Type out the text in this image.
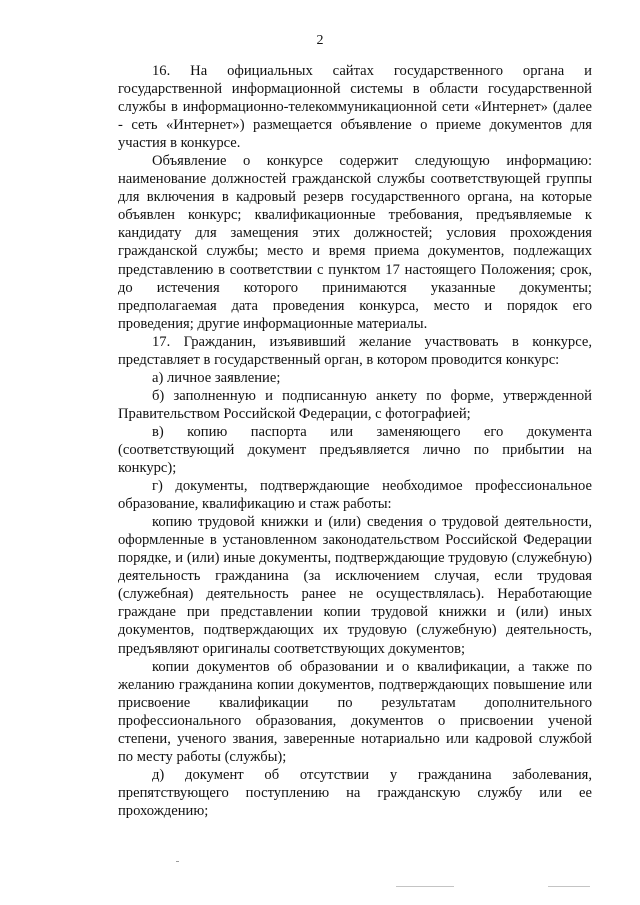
2

16. На официальных сайтах государственного органа и государственной информационной системы в области государственной службы в информационно-телекоммуникационной сети «Интернет» (далее - сеть «Интернет») размещается объявление о приеме документов для участия в конкурсе.

Объявление о конкурсе содержит следующую информацию: наименование должностей гражданской службы соответствующей группы для включения в кадровый резерв государственного органа, на которые объявлен конкурс; квалификационные требования, предъявляемые к кандидату для замещения этих должностей; условия прохождения гражданской службы; место и время приема документов, подлежащих представлению в соответствии с пунктом 17 настоящего Положения; срок, до истечения которого принимаются указанные документы; предполагаемая дата проведения конкурса, место и порядок его проведения; другие информационные материалы.

17. Гражданин, изъявивший желание участвовать в конкурсе, представляет в государственный орган, в котором проводится конкурс:

а) личное заявление;

б) заполненную и подписанную анкету по форме, утвержденной Правительством Российской Федерации, с фотографией;

в) копию паспорта или заменяющего его документа (соответствующий документ предъявляется лично по прибытии на конкурс);

г) документы, подтверждающие необходимое профессиональное образование, квалификацию и стаж работы:

копию трудовой книжки и (или) сведения о трудовой деятельности, оформленные в установленном законодательством Российской Федерации порядке, и (или) иные документы, подтверждающие трудовую (служебную) деятельность гражданина (за исключением случая, если трудовая (служебная) деятельность ранее не осуществлялась). Неработающие граждане при представлении копии трудовой книжки и (или) иных документов, подтверждающих их трудовую (служебную) деятельность, предъявляют оригиналы соответствующих документов;

копии документов об образовании и о квалификации, а также по желанию гражданина копии документов, подтверждающих повышение или присвоение квалификации по результатам дополнительного профессионального образования, документов о присвоении ученой степени, ученого звания, заверенные нотариально или кадровой службой по месту работы (службы);

д) документ об отсутствии у гражданина заболевания, препятствующего поступлению на гражданскую службу или ее прохождению;
